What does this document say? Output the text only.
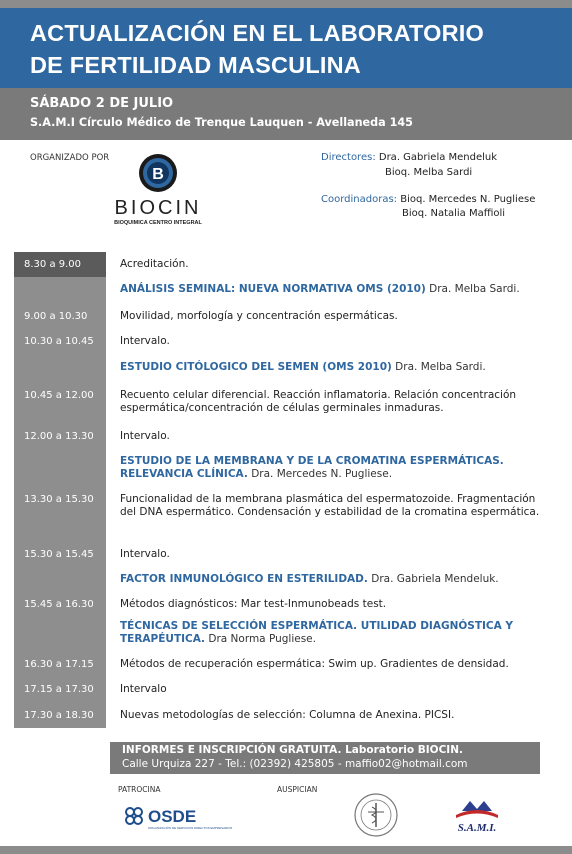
ACTUALIZACIÓN EN EL LABORATORIO
DE FERTILIDAD MASCULINA
SÁBADO 2 DE JULIO
S.A.M.I Círculo Médico de Trenque Lauquen - Avellaneda 145
ORGANIZADO POR
B
BIOCIN
BIOQUIMICA CENTRO INTEGRAL
Directores: Dra. Gabriela Mendeluk
Bioq. Melba Sardi
Coordinadoras: Bioq. Mercedes N. Pugliese
Bioq. Natalia Maffioli
8.30 a 9.00	Acreditación.
ANÁLISIS SEMINAL: NUEVA NORMATIVA OMS (2010) Dra. Melba Sardi.
9.00 a 10.30	Movilidad, morfología y concentración espermáticas.
10.30 a 10.45	Intervalo.
ESTUDIO CITÓLOGICO DEL SEMEN (OMS 2010) Dra. Melba Sardi.
10.45 a 12.00	Recuento celular diferencial. Reacción inflamatoria. Relación concentración espermática/concentración de células germinales inmaduras.
12.00 a 13.30	Intervalo.
ESTUDIO DE LA MEMBRANA Y DE LA CROMATINA ESPERMÁTICAS. RELEVANCIA CLÍNICA. Dra. Mercedes N. Pugliese.
13.30 a 15.30	Funcionalidad de la membrana plasmática del espermatozoide. Fragmentación del DNA espermático. Condensación y estabilidad de la cromatina espermática.
15.30 a 15.45	Intervalo.
FACTOR INMUNOLÓGICO EN ESTERILIDAD. Dra. Gabriela Mendeluk.
15.45 a 16.30	Métodos diagnósticos: Mar test-Inmunobeads test.
TÉCNICAS DE SELECCIÓN ESPERMÁTICA. UTILIDAD DIAGNÓSTICA Y TERAPÉUTICA. Dra Norma Pugliese.
16.30 a 17.15	Métodos de recuperación espermática: Swim up. Gradientes de densidad.
17.15 a 17.30	Intervalo
17.30 a 18.30	Nuevas metodologías de selección: Columna de Anexina. PICSI.
INFORMES E INSCRIPCIÓN GRATUITA. Laboratorio BIOCIN.
Calle Urquiza 227 - Tel.: (02392) 425805 - maffio02@hotmail.com
PATROCINA	AUSPICIAN
OSDE
ORGANIZACIÓN DE SERVICIOS DIRECTOS EMPRESARIOS	S.A.M.I.
